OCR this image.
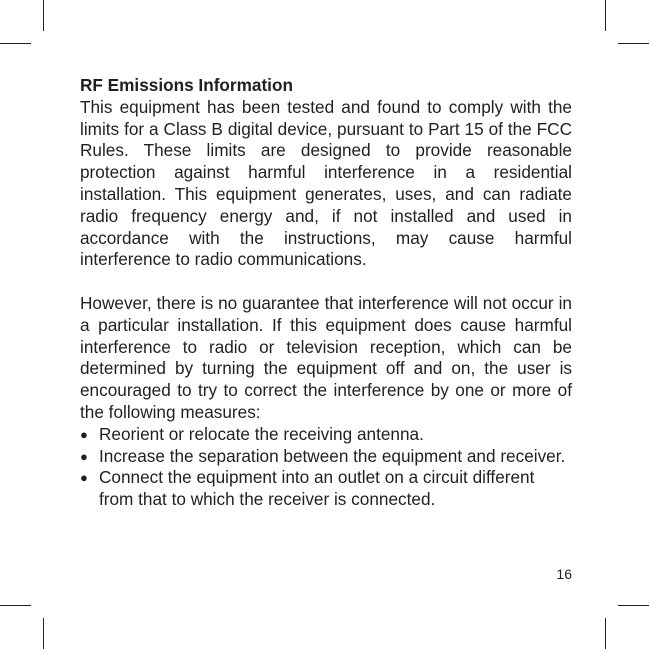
RF Emissions Information

This equipment has been tested and found to comply with the limits for a Class B digital device, pursuant to Part 15 of the FCC Rules. These limits are designed to provide reasonable protection against harmful interference in a residential installation. This equipment generates, uses, and can radiate radio frequency energy and, if not installed and used in accordance with the instructions, may cause harmful interference to radio communications.

However, there is no guarantee that interference will not occur in a particular installation. If this equipment does cause harmful interference to radio or television reception, which can be determined by turning the equipment off and on, the user is encouraged to try to correct the interference by one or more of the following measures:

● Reorient or relocate the receiving antenna.
● Increase the separation between the equipment and receiver.
● Connect the equipment into an outlet on a circuit different from that to which the receiver is connected.
16
